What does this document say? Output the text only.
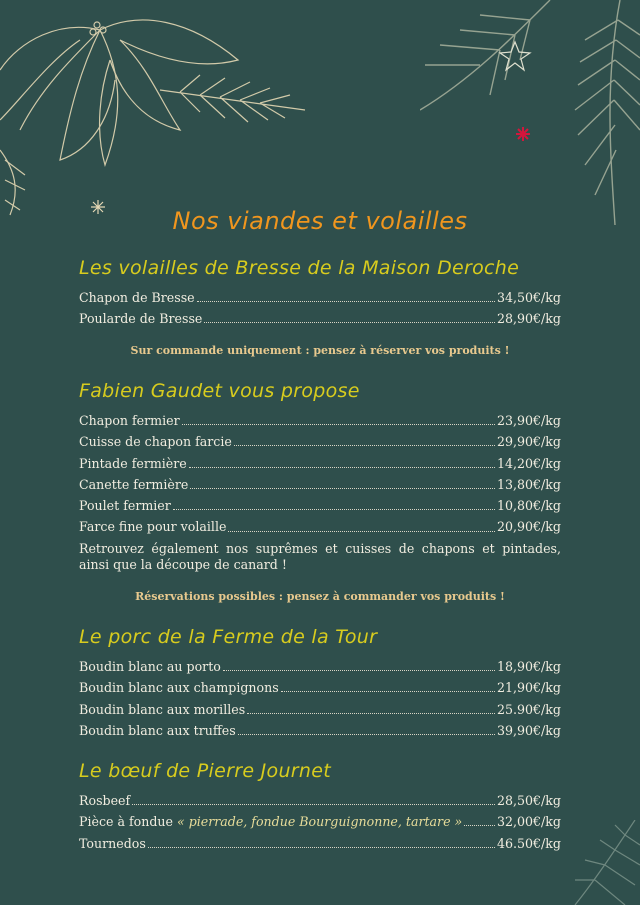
Nos viandes et volailles
Les volailles de Bresse de la Maison Deroche
Chapon de Bresse	34,50€/kg
Poularde de Bresse	28,90€/kg
Sur commande uniquement : pensez à réserver vos produits !
Fabien Gaudet vous propose
Chapon fermier	23,90€/kg
Cuisse de chapon farcie	29,90€/kg
Pintade fermière	14,20€/kg
Canette fermière	13,80€/kg
Poulet fermier	10,80€/kg
Farce fine pour volaille	20,90€/kg
Retrouvez également nos suprêmes et cuisses de chapons et pintades, ainsi que la découpe de canard !
Réservations possibles : pensez à commander vos produits !
Le porc de la Ferme de la Tour
Boudin blanc au porto	18,90€/kg
Boudin blanc aux champignons	21,90€/kg
Boudin blanc aux morilles	25.90€/kg
Boudin blanc aux truffes	39,90€/kg
Le bœuf de Pierre Journet
Rosbeef	28,50€/kg
Pièce à fondue « pierrade, fondue Bourguignonne, tartare »	32,00€/kg
Tournedos	46.50€/kg
